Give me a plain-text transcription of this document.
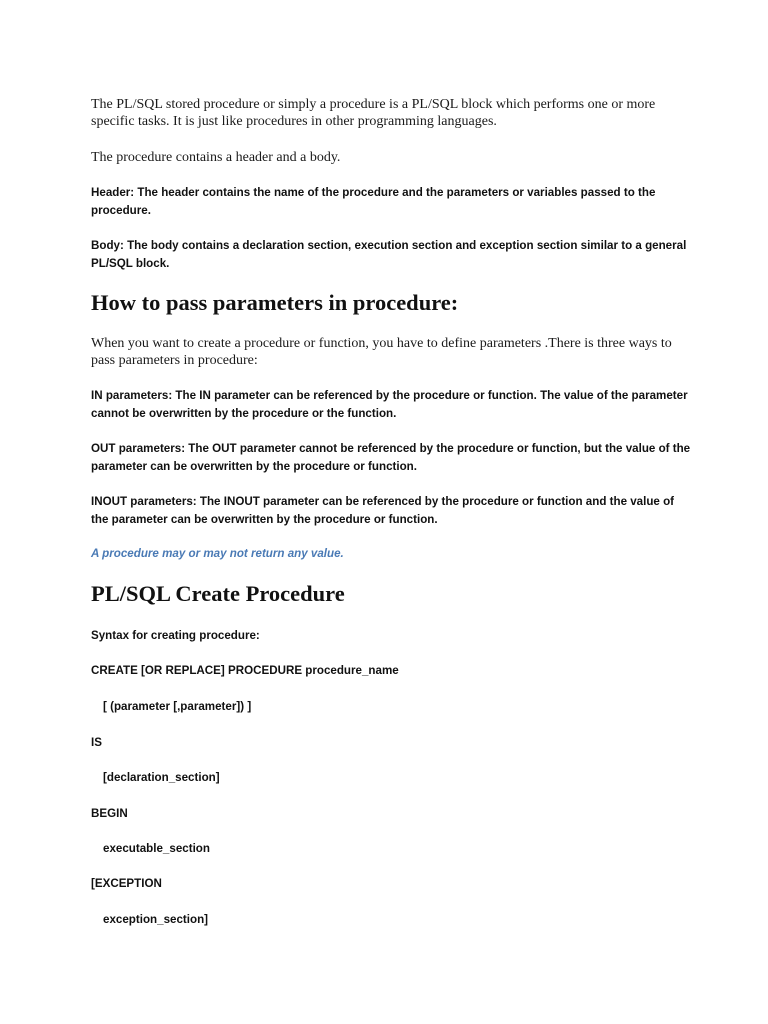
The PL/SQL stored procedure or simply a procedure is a PL/SQL block which performs one or more specific tasks. It is just like procedures in other programming languages.
The procedure contains a header and a body.
Header: The header contains the name of the procedure and the parameters or variables passed to the procedure.
Body: The body contains a declaration section, execution section and exception section similar to a general PL/SQL block.
How to pass parameters in procedure:
When you want to create a procedure or function, you have to define parameters .There is three ways to pass parameters in procedure:
IN parameters: The IN parameter can be referenced by the procedure or function. The value of the parameter cannot be overwritten by the procedure or the function.
OUT parameters: The OUT parameter cannot be referenced by the procedure or function, but the value of the parameter can be overwritten by the procedure or function.
INOUT parameters: The INOUT parameter can be referenced by the procedure or function and the value of the parameter can be overwritten by the procedure or function.
A procedure may or may not return any value.
PL/SQL Create Procedure
Syntax for creating procedure:
CREATE [OR REPLACE] PROCEDURE procedure_name
[ (parameter [,parameter]) ]
IS
[declaration_section]
BEGIN
executable_section
[EXCEPTION
exception_section]
